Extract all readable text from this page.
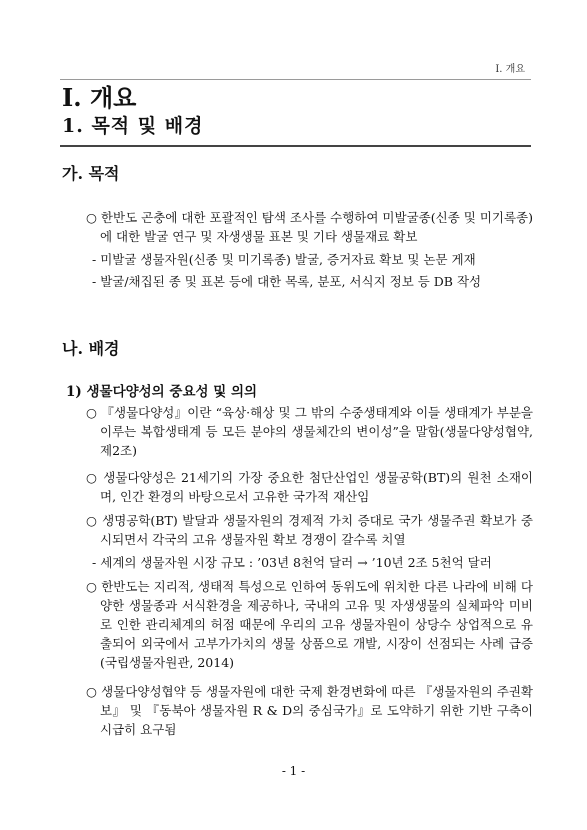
Ⅰ. 개요
I. 개요
1. 목적 및 배경
가. 목적

○ 한반도 곤충에 대한 포괄적인 탐색 조사를 수행하여 미발굴종(신종 및 미기록종)에 대한 발굴 연구 및 자생생물 표본 및 기타 생물재료 확보

- 미발굴 생물자원(신종 및 미기록종) 발굴, 증거자료 확보 및 논문 게재

- 발굴/채집된 종 및 표본 등에 대한 목록, 분포, 서식지 정보 등 DB 작성

나. 배경
1) 생물다양성의 중요성 및 의의

○ 『생물다양성』이란 “육상·해상 및 그 밖의 수중생태계와 이들 생태계가 부분을 이루는 복합생태계 등 모든 분야의 생물체간의 변이성”을 말함(생물다양성협약, 제2조)

○ 생물다양성은 21세기의 가장 중요한 첨단산업인 생물공학(BT)의 원천 소재이며, 인간 환경의 바탕으로서 고유한 국가적 재산임

○ 생명공학(BT) 발달과 생물자원의 경제적 가치 증대로 국가 생물주권 확보가 중시되면서 각국의 고유 생물자원 확보 경쟁이 갈수록 치열

- 세계의 생물자원 시장 규모 : ’03년 8천억 달러 → ’10년 2조 5천억 달러

○ 한반도는 지리적, 생태적 특성으로 인하여 동위도에 위치한 다른 나라에 비해 다양한 생물종과 서식환경을 제공하나, 국내의 고유 및 자생생물의 실체파악 미비로 인한 관리체계의 허점 때문에 우리의 고유 생물자원이 상당수 상업적으로 유출되어 외국에서 고부가가치의 생물 상품으로 개발, 시장이 선점되는 사례 급증(국립생물자원관, 2014)

○ 생물다양성협약 등 생물자원에 대한 국제 환경변화에 따른 『생물자원의 주권확보』 및 『동북아 생물자원 R & D의 중심국가』로 도약하기 위한 기반 구축이 시급히 요구됨

- 1 -
